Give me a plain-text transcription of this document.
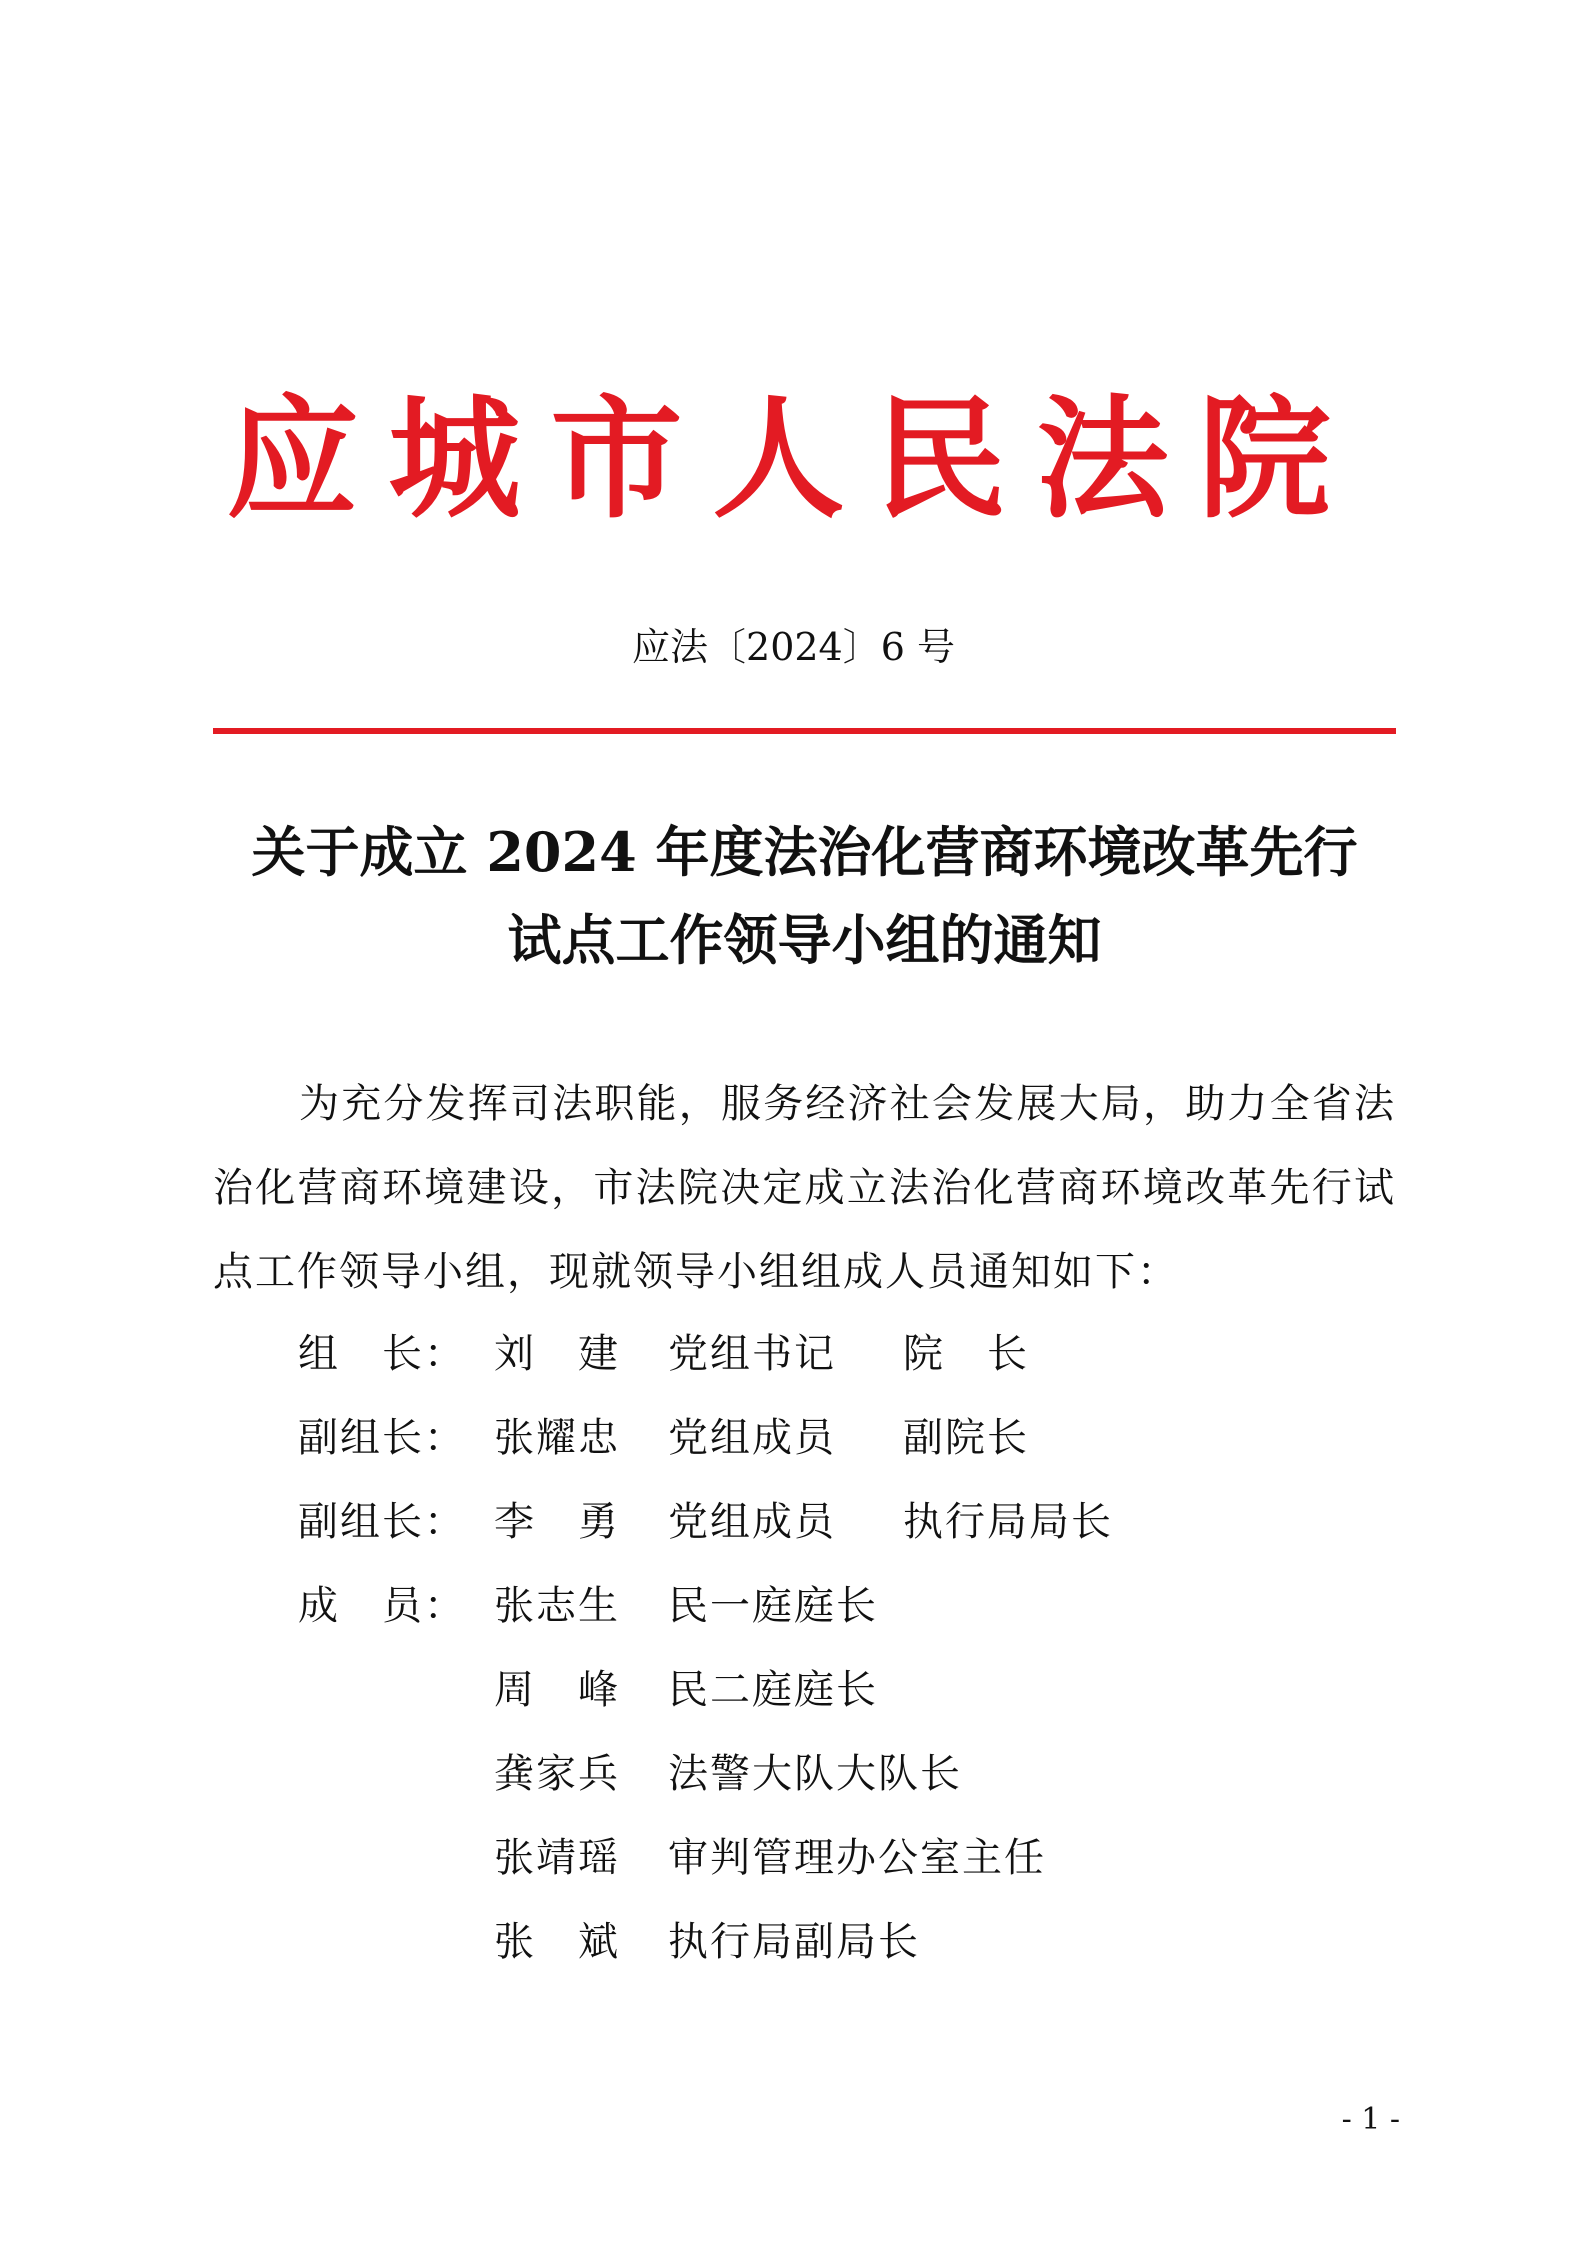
应城市人民法院
应法〔2024〕6 号
关于成立 2024 年度法治化营商环境改革先行
试点工作领导小组的通知

为充分发挥司法职能，服务经济社会发展大局，助力全省法治化营商环境建设，市法院决定成立法治化营商环境改革先行试点工作领导小组，现就领导小组组成人员通知如下：

组　长： 刘　建	党组书记 院　长
副组长： 张耀忠	党组成员 副院长
副组长： 李　勇	党组成员 执行局局长
成　员： 张志生	民一庭庭长
周　峰	民二庭庭长
龚家兵	法警大队大队长
张靖瑶	审判管理办公室主任
张　斌	执行局副局长
- 1 -
